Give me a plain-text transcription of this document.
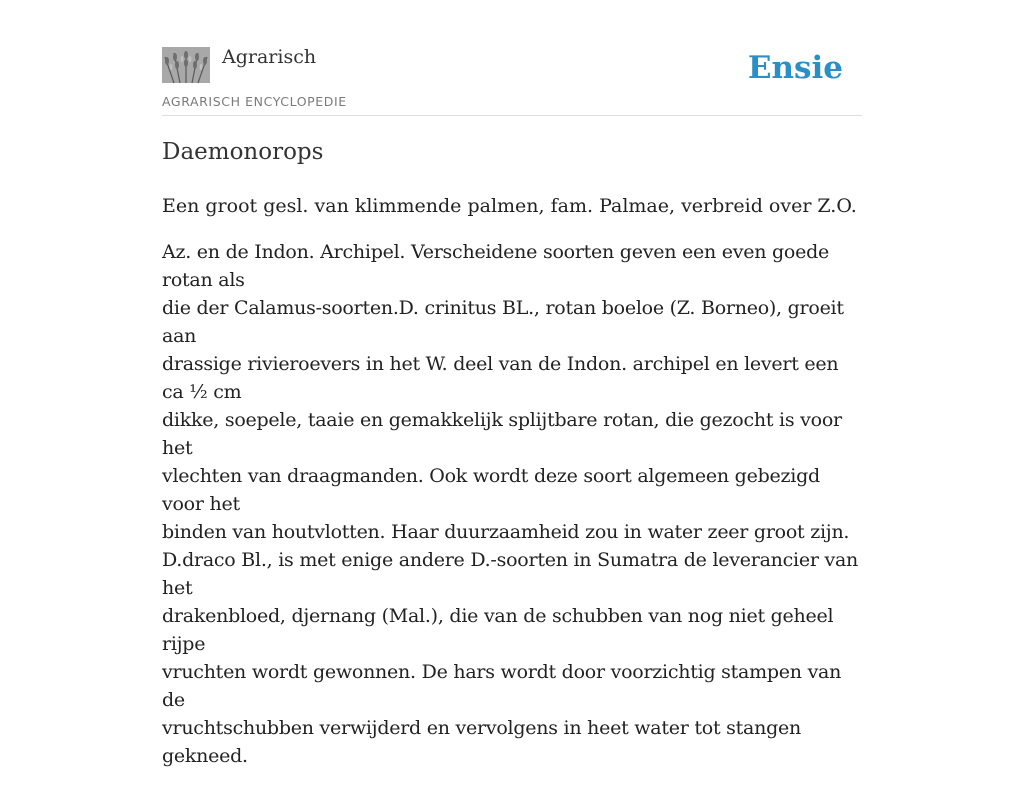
Agrarisch
AGRARISCH ENCYCLOPEDIE
Ensie
Daemonorops

Een groot gesl. van klimmende palmen, fam. Palmae, verbreid over Z.O.

Az. en de Indon. Archipel. Verscheidene soorten geven een even goede rotan als
die der Calamus-soorten.D. crinitus BL., rotan boeloe (Z. Borneo), groeit aan
drassige rivieroevers in het W. deel van de Indon. archipel en levert een ca ½ cm
dikke, soepele, taaie en gemakkelijk splijtbare rotan, die gezocht is voor het
vlechten van draagmanden. Ook wordt deze soort algemeen gebezigd voor het
binden van houtvlotten. Haar duurzaamheid zou in water zeer groot zijn.
D.draco Bl., is met enige andere D.-soorten in Sumatra de leverancier van het
drakenbloed, djernang (Mal.), die van de schubben van nog niet geheel rijpe
vruchten wordt gewonnen. De hars wordt door voorzichtig stampen van de
vruchtschubben verwijderd en vervolgens in heet water tot stangen gekneed.
